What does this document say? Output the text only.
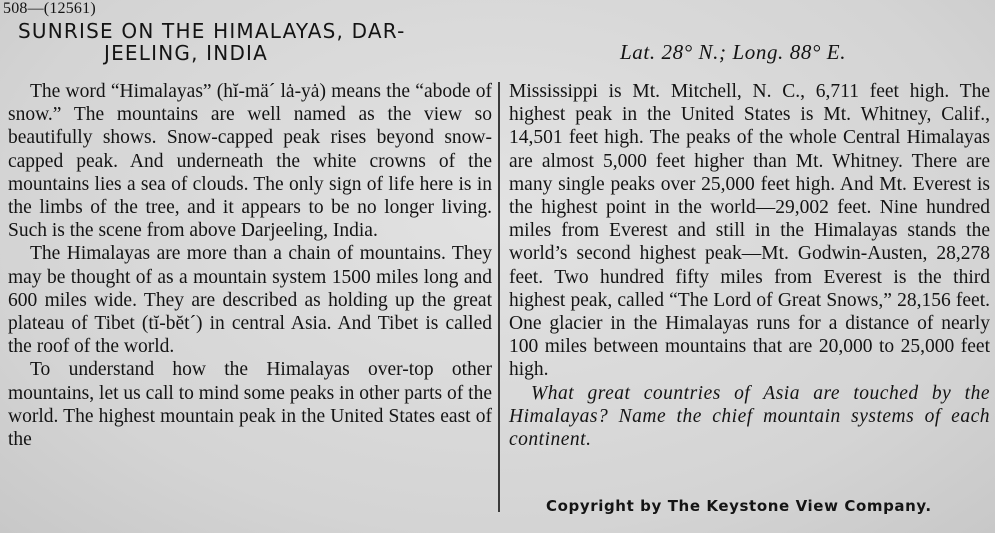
508—(12561)
SUNRISE ON THE HIMALAYAS, DAR-
JEELING, INDIA	Lat. 28° N.; Long. 88° E.

The word “Himalayas” (hĭ-mä´ lȧ-yȧ) means the “abode of snow.” The mountains are well named as the view so beautifully shows. Snow-capped peak rises beyond snow-capped peak. And underneath the white crowns of the mountains lies a sea of clouds. The only sign of life here is in the limbs of the tree, and it appears to be no longer living. Such is the scene from above Darjeeling, India.

The Himalayas are more than a chain of mountains. They may be thought of as a mountain system 1500 miles long and 600 miles wide. They are described as holding up the great plateau of Tibet (tĭ-bĕt´) in central Asia. And Tibet is called the roof of the world.

To understand how the Himalayas over-top other mountains, let us call to mind some peaks in other parts of the world. The highest mountain peak in the United States east of the

Mississippi is Mt. Mitchell, N. C., 6,711 feet high. The highest peak in the United States is Mt. Whitney, Calif., 14,501 feet high. The peaks of the whole Central Himalayas are almost 5,000 feet higher than Mt. Whitney. There are many single peaks over 25,000 feet high. And Mt. Everest is the highest point in the world—29,002 feet. Nine hundred miles from Everest and still in the Himalayas stands the world’s second highest peak—Mt. Godwin-Austen, 28,278 feet. Two hundred fifty miles from Everest is the third highest peak, called “The Lord of Great Snows,” 28,156 feet. One glacier in the Himalayas runs for a distance of nearly 100 miles between mountains that are 20,000 to 25,000 feet high.

What great countries of Asia are touched by the Himalayas? Name the chief mountain systems of each continent.

Copyright by The Keystone View Company.
